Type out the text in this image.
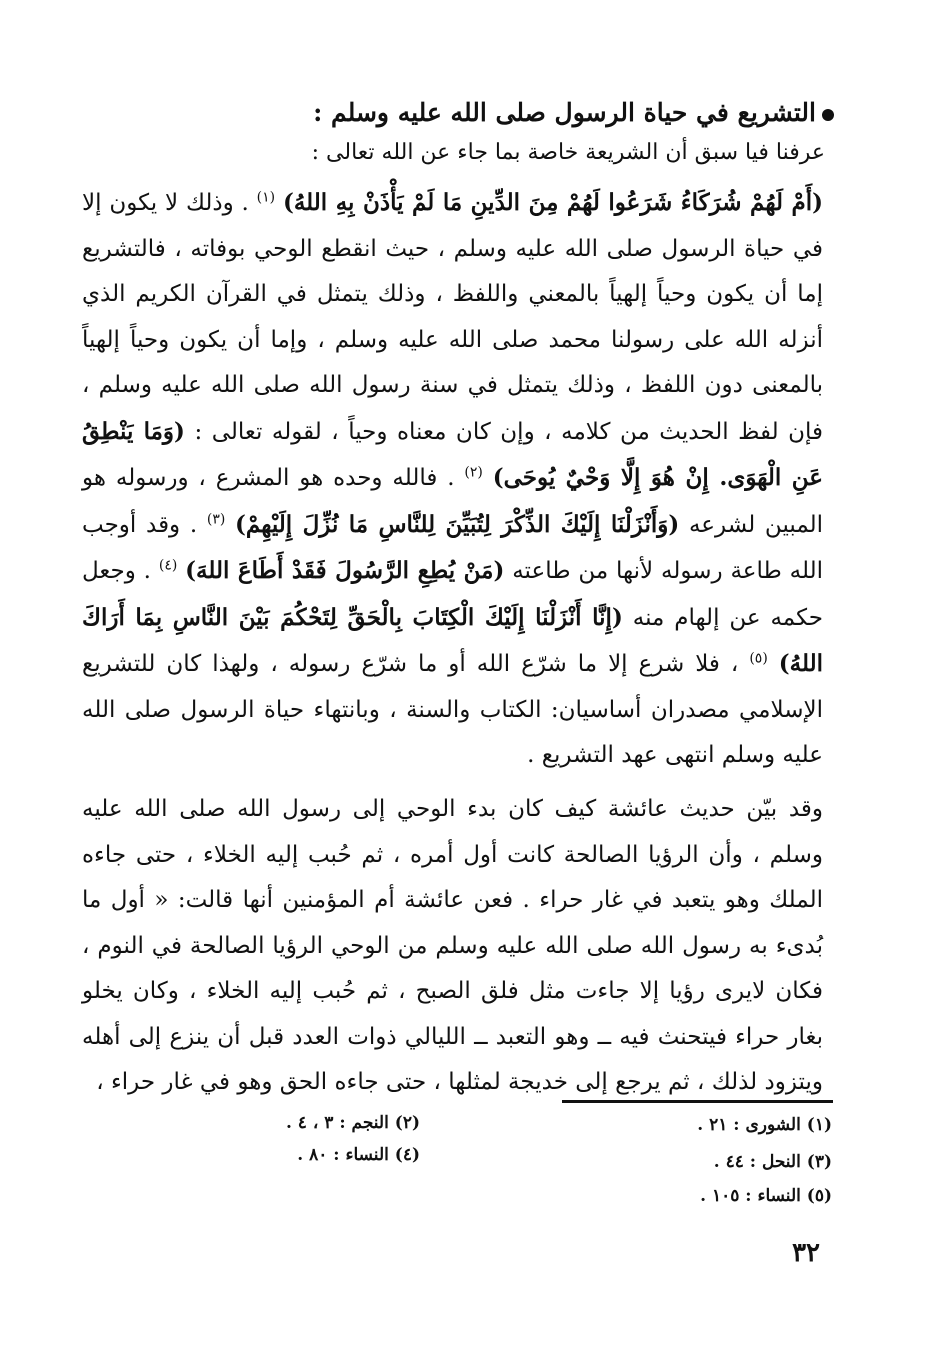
التشريع في حياة الرسول صلى الله عليه وسلم :
عرفنا فيا سبق أن الشريعة خاصة بما جاء عن الله تعالى :
(أَمْ لَهُمْ شُرَكَاءُ شَرَعُوا لَهُمْ مِنَ الدِّينِ مَا لَمْ يَأْذَنْ بِهِ اللهُ) $^{(١)}$ . وذلك لا يكون إلا في حياة الرسول صلى الله عليه وسلم ، حيث انقطع الوحي بوفاته ، فالتشريع إما أن يكون وحياً إلهياً بالمعني واللفظ ، وذلك يتمثل في القرآن الكريم الذي أنزله الله على رسولنا محمد صلى الله عليه وسلم ، وإما أن يكون وحياً إلهياً بالمعنى دون اللفظ ، وذلك يتمثل في سنة رسول الله صلى الله عليه وسلم ، فإن لفظ الحديث من كلامه ، وإن كان معناه وحياً ، لقوله تعالى : (وَمَا يَنْطِقُ عَنِ الْهَوَى. إِنْ هُوَ إِلَّا وَحْيٌ يُوحَى) $^{(٢)}$ . فالله وحده هو المشرع ، ورسوله هو المبين لشرعه (وَأَنْزَلْنَا إِلَيْكَ الذِّكْرَ لِتُبَيِّنَ لِلنَّاسِ مَا نُزِّلَ إِلَيْهِمْ) $^{(٣)}$ . وقد أوجب الله طاعة رسوله لأنها من طاعته (مَنْ يُطِعِ الرَّسُولَ فَقَدْ أَطَاعَ اللهَ) $^{(٤)}$ . وجعل حكمه عن إلهام منه (إِنَّا أَنْزَلْنَا إِلَيْكَ الْكِتَابَ بِالْحَقِّ لِتَحْكُمَ بَيْنَ النَّاسِ بِمَا أَرَاكَ اللهُ) $^{(٥)}$ ، فلا شرع إلا ما شرّع الله أو ما شرّع رسوله ، ولهذا كان للتشريع الإسلامي مصدران أساسيان: الكتاب والسنة ، وبانتهاء حياة الرسول صلى الله عليه وسلم انتهى عهد التشريع .
وقد بيّن حديث عائشة كيف كان بدء الوحي إلى رسول الله صلى الله عليه وسلم ، وأن الرؤيا الصالحة كانت أول أمره ، ثم حُبب إليه الخلاء ، حتى جاءه الملك وهو يتعبد في غار حراء . فعن عائشة أم المؤمنين أنها قالت: « أول ما بُدىء به رسول الله صلى الله عليه وسلم من الوحي الرؤيا الصالحة في النوم ، فكان لايرى رؤيا إلا جاءت مثل فلق الصبح ، ثم حُبب إليه الخلاء ، وكان يخلو بغار حراء فيتحنث فيه ــ وهو التعبد ــ الليالي ذوات العدد قبل أن ينزع إلى أهله ويتزود لذلك ، ثم يرجع إلى خديجة لمثلها ، حتى جاءه الحق وهو في غار حراء ،
(١) الشورى : ٢١ .
(٢) النجم : ٣ ، ٤ .
(٣) النحل : ٤٤ .
(٤) النساء : ٨٠ .
(٥) النساء : ١٠٥ .
٣٢
